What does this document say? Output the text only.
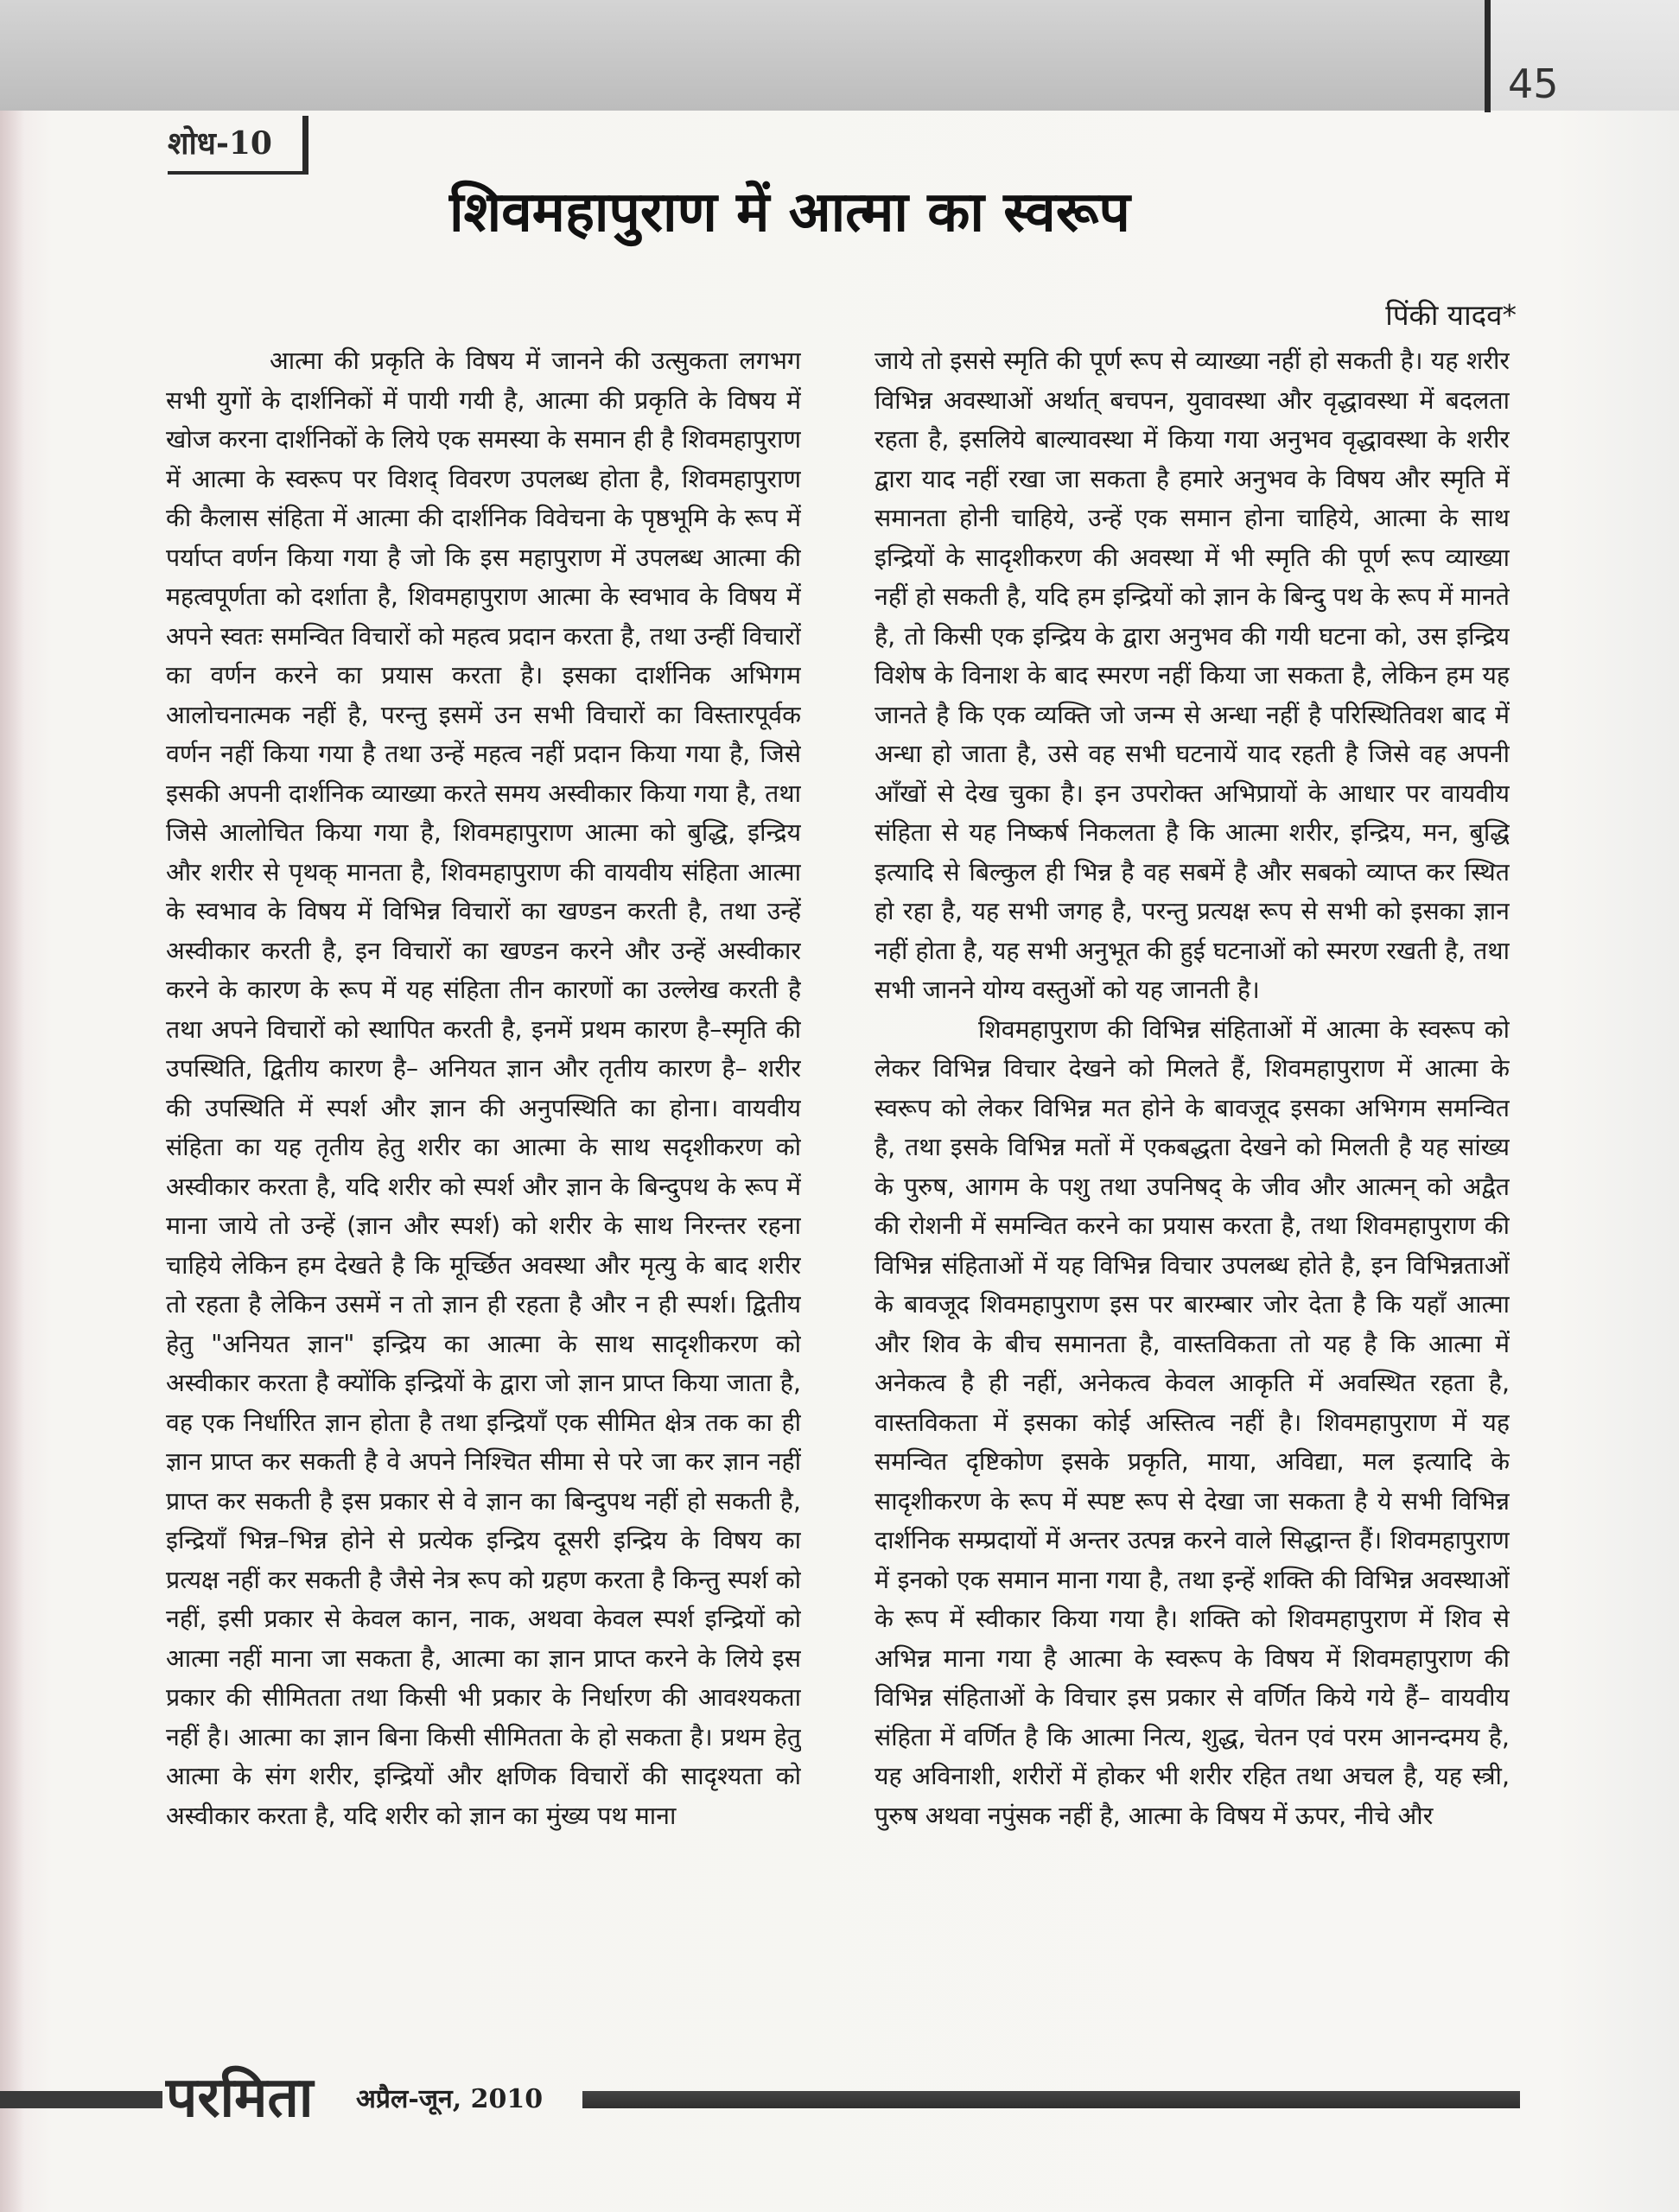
45
शोध-10
शिवमहापुराण में आत्मा का स्वरूप
पिंकी यादव*

आत्मा की प्रकृति के विषय में जानने की उत्सुकता लगभग सभी युगों के दार्शनिकों में पायी गयी है, आत्मा की प्रकृति के विषय में खोज करना दार्शनिकों के लिये एक समस्या के समान ही है शिवमहापुराण में आत्मा के स्वरूप पर विशद् विवरण उपलब्ध होता है, शिवमहापुराण की कैलास संहिता में आत्मा की दार्शनिक विवेचना के पृष्ठभूमि के रूप में पर्याप्त वर्णन किया गया है जो कि इस महापुराण में उपलब्ध आत्मा की महत्वपूर्णता को दर्शाता है, शिवमहापुराण आत्मा के स्वभाव के विषय में अपने स्वतः समन्वित विचारों को महत्व प्रदान करता है, तथा उन्हीं विचारों का वर्णन करने का प्रयास करता है। इसका दार्शनिक अभिगम आलोचनात्मक नहीं है, परन्तु इसमें उन सभी विचारों का विस्तारपूर्वक वर्णन नहीं किया गया है तथा उन्हें महत्व नहीं प्रदान किया गया है, जिसे इसकी अपनी दार्शनिक व्याख्या करते समय अस्वीकार किया गया है, तथा जिसे आलोचित किया गया है, शिवमहापुराण आत्मा को बुद्धि, इन्द्रिय और शरीर से पृथक् मानता है, शिवमहापुराण की वायवीय संहिता आत्मा के स्वभाव के विषय में विभिन्न विचारों का खण्डन करती है, तथा उन्हें अस्वीकार करती है, इन विचारों का खण्डन करने और उन्हें अस्वीकार करने के कारण के रूप में यह संहिता तीन कारणों का उल्लेख करती है तथा अपने विचारों को स्थापित करती है, इनमें प्रथम कारण है–स्मृति की उपस्थिति, द्वितीय कारण है– अनियत ज्ञान और तृतीय कारण है– शरीर की उपस्थिति में स्पर्श और ज्ञान की अनुपस्थिति का होना। वायवीय संहिता का यह तृतीय हेतु शरीर का आत्मा के साथ सदृशीकरण को अस्वीकार करता है, यदि शरीर को स्पर्श और ज्ञान के बिन्दुपथ के रूप में माना जाये तो उन्हें (ज्ञान और स्पर्श) को शरीर के साथ निरन्तर रहना चाहिये लेकिन हम देखते है कि मूर्च्छित अवस्था और मृत्यु के बाद शरीर तो रहता है लेकिन उसमें न तो ज्ञान ही रहता है और न ही स्पर्श। द्वितीय हेतु "अनियत ज्ञान" इन्द्रिय का आत्मा के साथ सादृशीकरण को अस्वीकार करता है क्योंकि इन्द्रियों के द्वारा जो ज्ञान प्राप्त किया जाता है, वह एक निर्धारित ज्ञान होता है तथा इन्द्रियाँ एक सीमित क्षेत्र तक का ही ज्ञान प्राप्त कर सकती है वे अपने निश्चित सीमा से परे जा कर ज्ञान नहीं प्राप्त कर सकती है इस प्रकार से वे ज्ञान का बिन्दुपथ नहीं हो सकती है, इन्द्रियाँ भिन्न–भिन्न होने से प्रत्येक इन्द्रिय दूसरी इन्द्रिय के विषय का प्रत्यक्ष नहीं कर सकती है जैसे नेत्र रूप को ग्रहण करता है किन्तु स्पर्श को नहीं, इसी प्रकार से केवल कान, नाक, अथवा केवल स्पर्श इन्द्रियों को आत्मा नहीं माना जा सकता है, आत्मा का ज्ञान प्राप्त करने के लिये इस प्रकार की सीमितता तथा किसी भी प्रकार के निर्धारण की आवश्यकता नहीं है। आत्मा का ज्ञान बिना किसी सीमितता के हो सकता है। प्रथम हेतु आत्मा के संग शरीर, इन्द्रियों और क्षणिक विचारों की सादृश्यता को अस्वीकार करता है, यदि शरीर को ज्ञान का मुंख्य पथ माना

जाये तो इससे स्मृति की पूर्ण रूप से व्याख्या नहीं हो सकती है। यह शरीर विभिन्न अवस्थाओं अर्थात् बचपन, युवावस्था और वृद्धावस्था में बदलता रहता है, इसलिये बाल्यावस्था में किया गया अनुभव वृद्धावस्था के शरीर द्वारा याद नहीं रखा जा सकता है हमारे अनुभव के विषय और स्मृति में समानता होनी चाहिये, उन्हें एक समान होना चाहिये, आत्मा के साथ इन्द्रियों के सादृशीकरण की अवस्था में भी स्मृति की पूर्ण रूप व्याख्या नहीं हो सकती है, यदि हम इन्द्रियों को ज्ञान के बिन्दु पथ के रूप में मानते है, तो किसी एक इन्द्रिय के द्वारा अनुभव की गयी घटना को, उस इन्द्रिय विशेष के विनाश के बाद स्मरण नहीं किया जा सकता है, लेकिन हम यह जानते है कि एक व्यक्ति जो जन्म से अन्धा नहीं है परिस्थितिवश बाद में अन्धा हो जाता है, उसे वह सभी घटनायें याद रहती है जिसे वह अपनी आँखों से देख चुका है। इन उपरोक्त अभिप्रायों के आधार पर वायवीय संहिता से यह निष्कर्ष निकलता है कि आत्मा शरीर, इन्द्रिय, मन, बुद्धि इत्यादि से बिल्कुल ही भिन्न है वह सबमें है और सबको व्याप्त कर स्थित हो रहा है, यह सभी जगह है, परन्तु प्रत्यक्ष रूप से सभी को इसका ज्ञान नहीं होता है, यह सभी अनुभूत की हुई घटनाओं को स्मरण रखती है, तथा सभी जानने योग्य वस्तुओं को यह जानती है।

शिवमहापुराण की विभिन्न संहिताओं में आत्मा के स्वरूप को लेकर विभिन्न विचार देखने को मिलते हैं, शिवमहापुराण में आत्मा के स्वरूप को लेकर विभिन्न मत होने के बावजूद इसका अभिगम समन्वित है, तथा इसके विभिन्न मतों में एकबद्धता देखने को मिलती है यह सांख्य के पुरुष, आगम के पशु तथा उपनिषद् के जीव और आत्मन् को अद्वैत की रोशनी में समन्वित करने का प्रयास करता है, तथा शिवमहापुराण की विभिन्न संहिताओं में यह विभिन्न विचार उपलब्ध होते है, इन विभिन्नताओं के बावजूद शिवमहापुराण इस पर बारम्बार जोर देता है कि यहाँ आत्मा और शिव के बीच समानता है, वास्तविकता तो यह है कि आत्मा में अनेकत्व है ही नहीं, अनेकत्व केवल आकृति में अवस्थित रहता है, वास्तविकता में इसका कोई अस्तित्व नहीं है। शिवमहापुराण में यह समन्वित दृष्टिकोण इसके प्रकृति, माया, अविद्या, मल इत्यादि के सादृशीकरण के रूप में स्पष्ट रूप से देखा जा सकता है ये सभी विभिन्न दार्शनिक सम्प्रदायों में अन्तर उत्पन्न करने वाले सिद्धान्त हैं। शिवमहापुराण में इनको एक समान माना गया है, तथा इन्हें शक्ति की विभिन्न अवस्थाओं के रूप में स्वीकार किया गया है। शक्ति को शिवमहापुराण में शिव से अभिन्न माना गया है आत्मा के स्वरूप के विषय में शिवमहापुराण की विभिन्न संहिताओं के विचार इस प्रकार से वर्णित किये गये हैं– वायवीय संहिता में वर्णित है कि आत्मा नित्य, शुद्ध, चेतन एवं परम आनन्दमय है, यह अविनाशी, शरीरों में होकर भी शरीर रहित तथा अचल है, यह स्त्री, पुरुष अथवा नपुंसक नहीं है, आत्मा के विषय में ऊपर, नीचे और

परमिता अप्रैल-जून, 2010
